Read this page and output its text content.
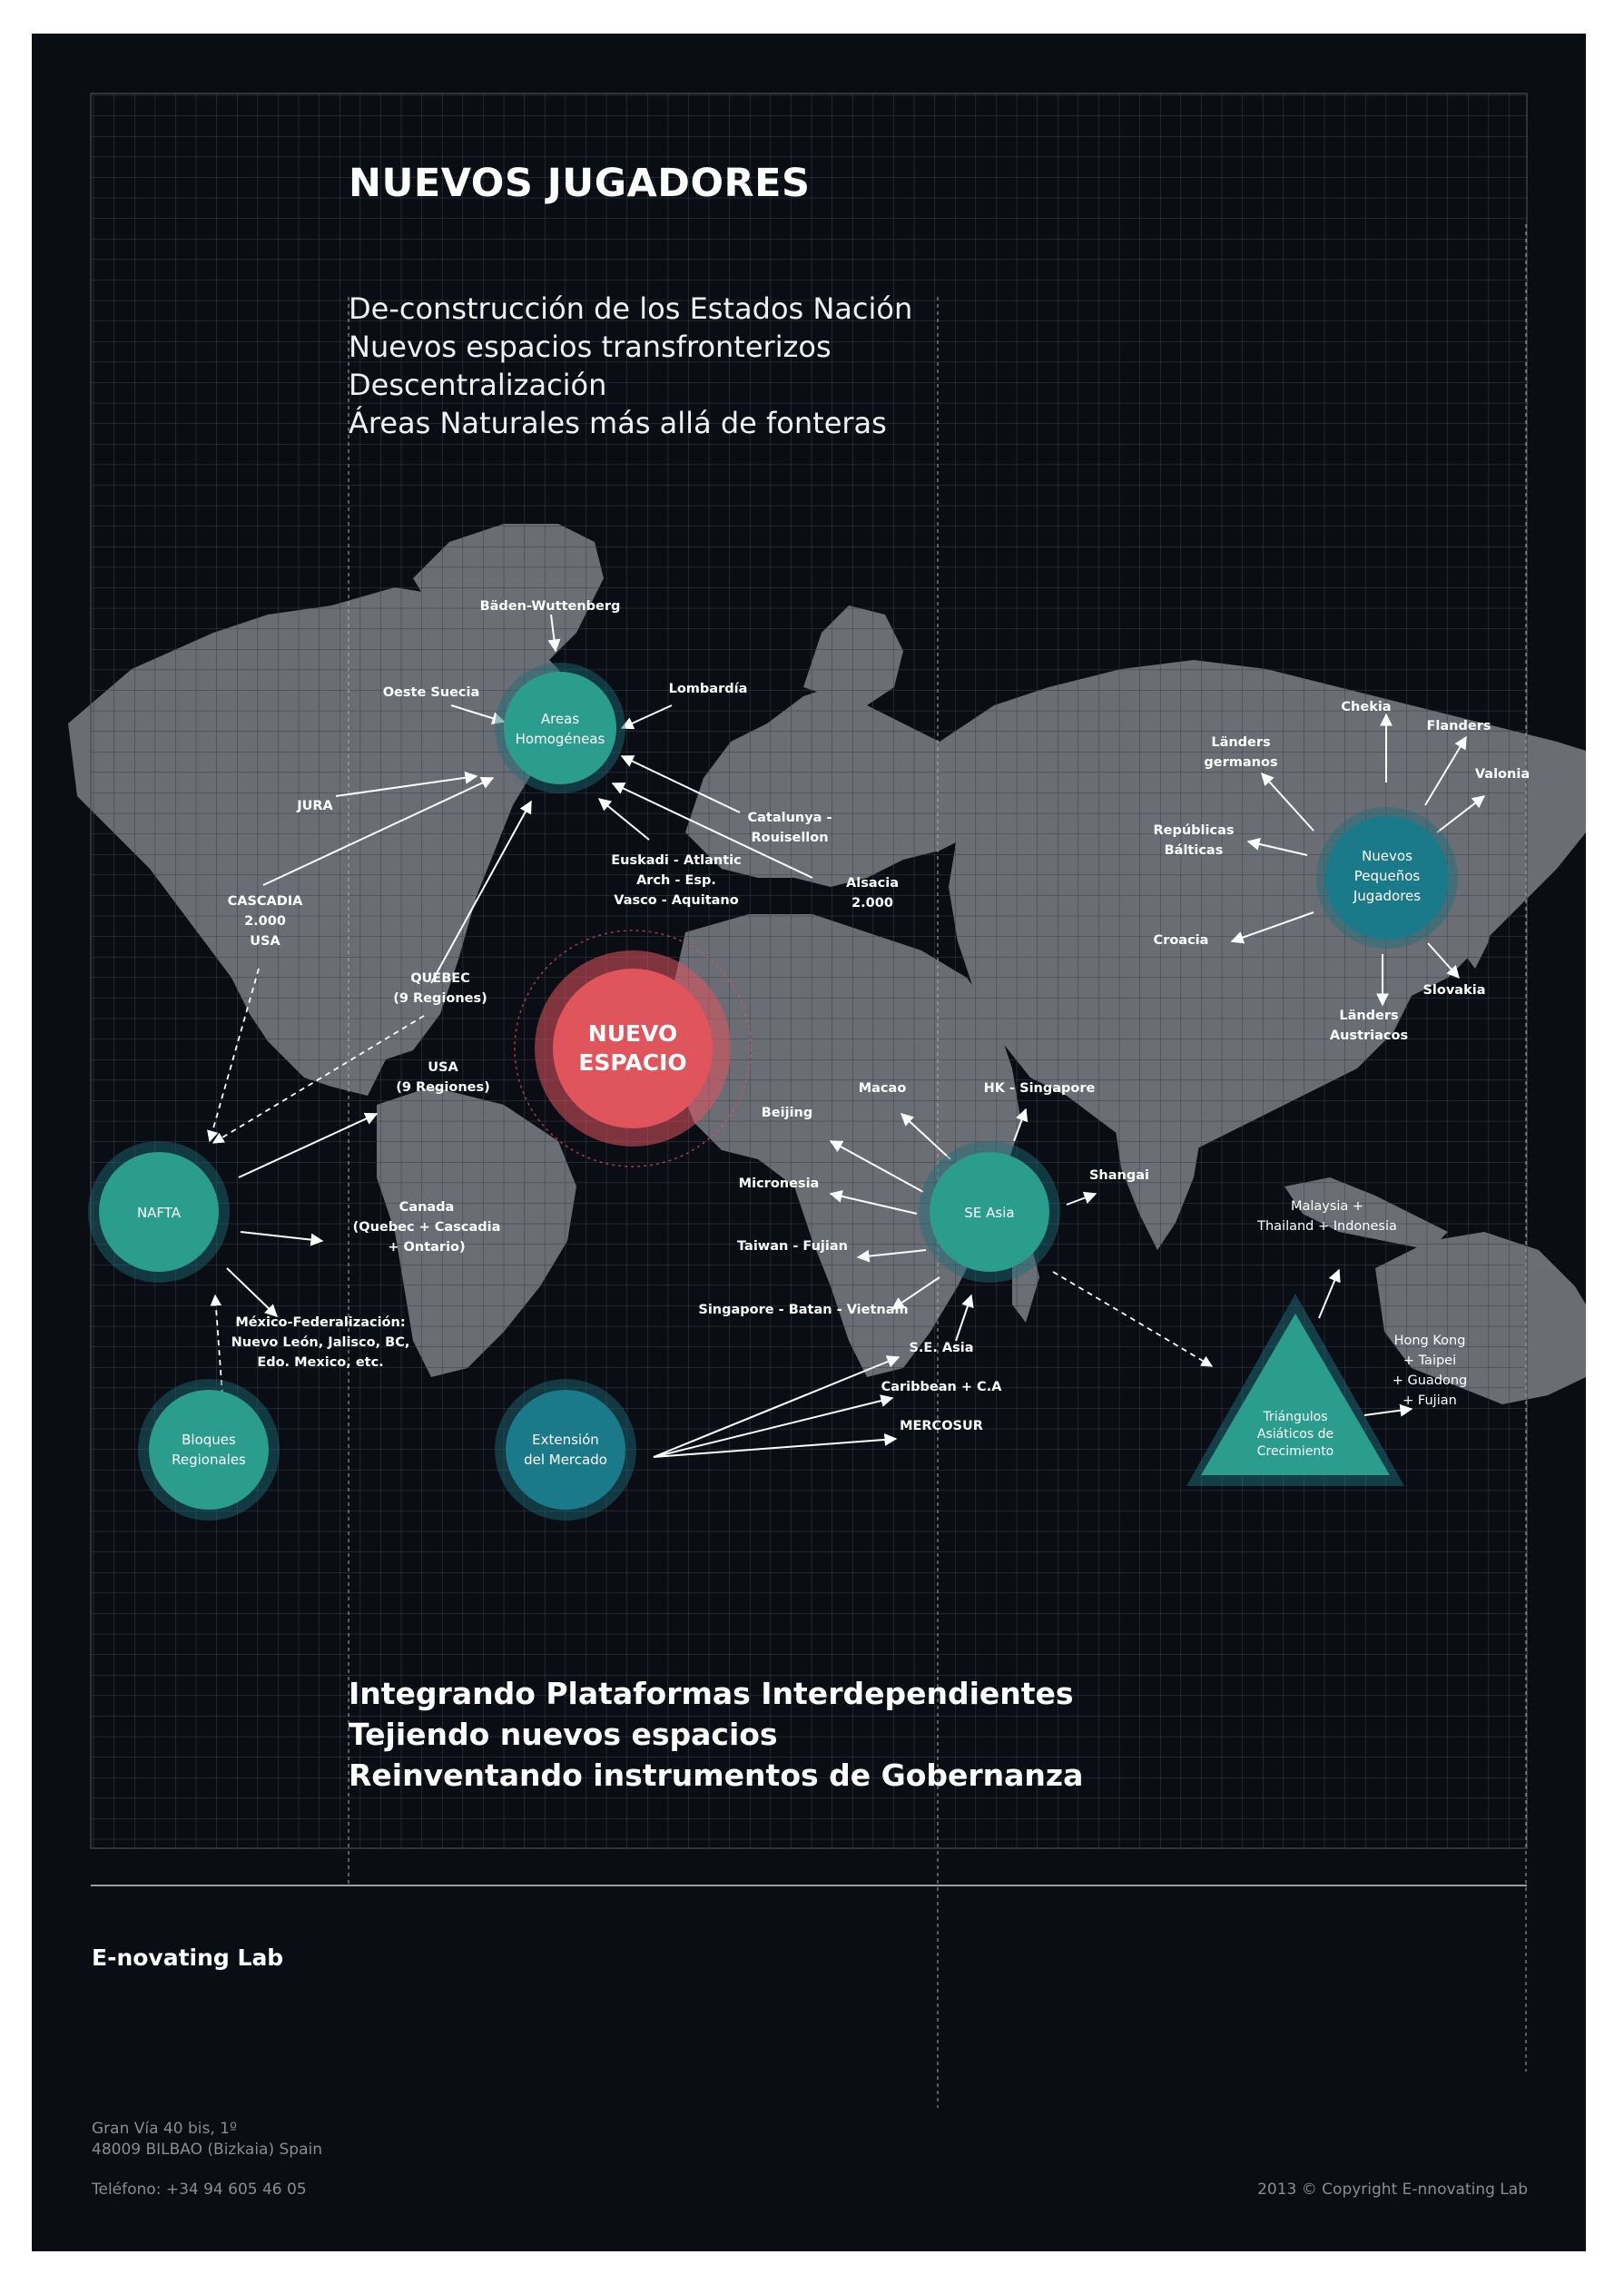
Areas
Homogéneas
NUEVO
ESPACIO
Nuevos
Pequeños
Jugadores
NAFTA	SE Asia
Bloques
Regionales
Extensión
del Mercado
Triángulos
Asiáticos de
Crecimiento
Bäden-Wuttenberg
Oeste Suecia	Lombardía
JURA
Catalunya -
Rouisellon
Euskadi - Atlantic
Arch - Esp.
Vasco - Aquitano
Alsacia
2.000
CASCADIA
2.000
USA
QUEBEC
(9 Regiones)
USA
(9 Regiones)
Canada
(Quebec + Cascadia
+ Ontario)
México-Federalización:
Nuevo León, Jalisco, BC,
Edo. Mexico, etc.
Chekia
Flanders
Valonia
Länders
germanos
Repúblicas
Bálticas
Croacia
Slovakia
Länders
Austriacos
Macao	HK - Singapore
Beijing
Micronesia
Shangai
Taiwan - Fujian
Singapore - Batan - Vietnam
S.E. Asia
Caribbean + C.A
MERCOSUR
Malaysia +
Thailand + Indonesia
Hong Kong
+ Taipei
+ Guadong
+ Fujian
NUEVOS JUGADORES
De-construcción de los Estados Nación
Nuevos espacios transfronterizos
Descentralización
Áreas Naturales más allá de fonteras
Integrando Plataformas Interdependientes
Tejiendo nuevos espacios
Reinventando instrumentos de Gobernanza
E-novating Lab
Gran Vía 40 bis, 1º
48009 BILBAO (Bizkaia) Spain
Teléfono: +34 94 605 46 05	2013 © Copyright E-nnovating Lab
